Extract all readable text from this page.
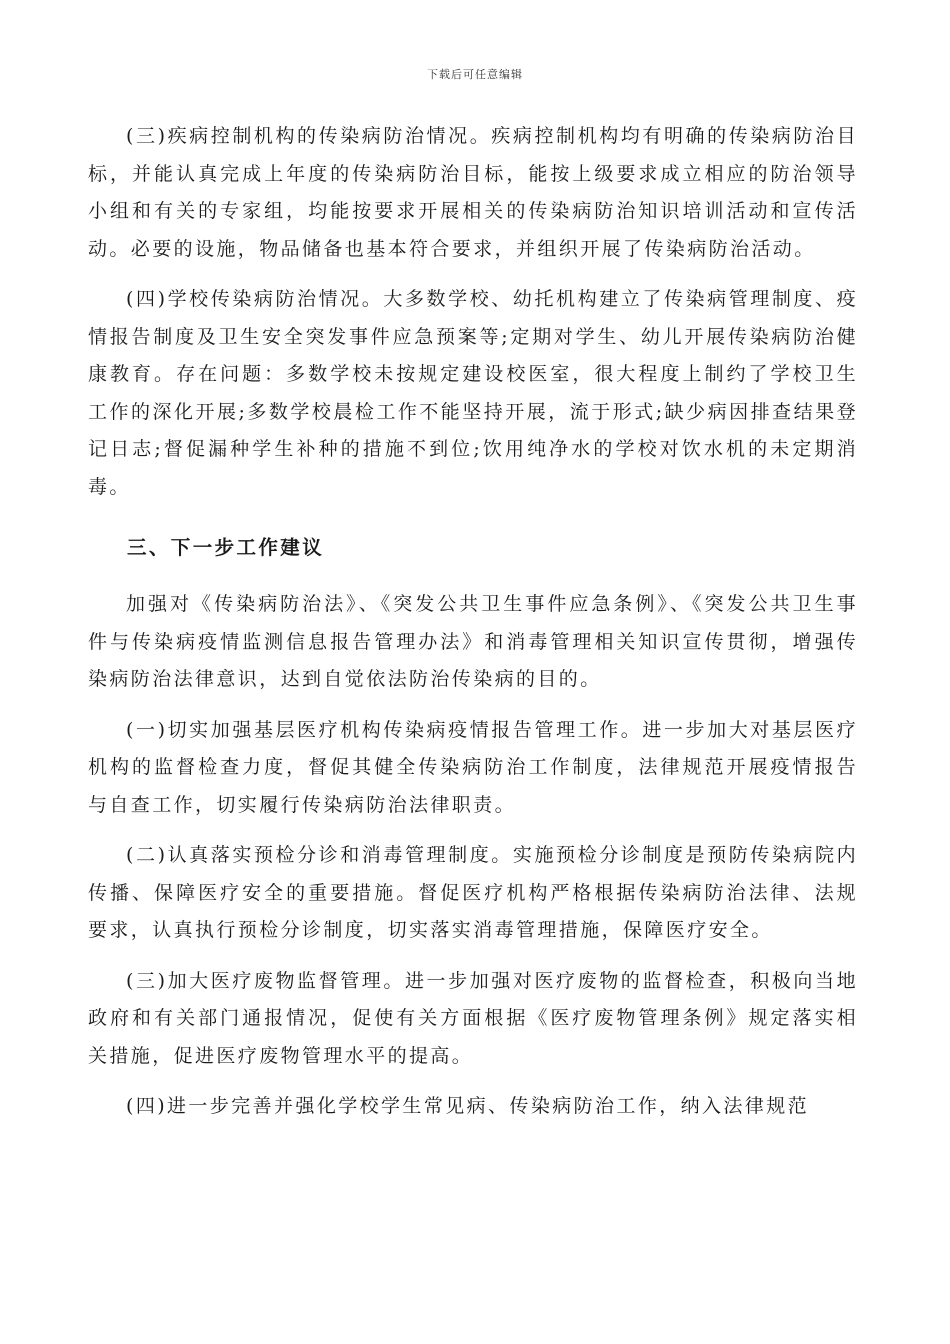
下载后可任意编辑

(三)疾病控制机构的传染病防治情况。疾病控制机构均有明确的传染病防治目标，并能认真完成上年度的传染病防治目标，能按上级要求成立相应的防治领导小组和有关的专家组，均能按要求开展相关的传染病防治知识培训活动和宣传活动。必要的设施，物品储备也基本符合要求，并组织开展了传染病防治活动。

(四)学校传染病防治情况。大多数学校、幼托机构建立了传染病管理制度、疫情报告制度及卫生安全突发事件应急预案等;定期对学生、幼儿开展传染病防治健康教育。存在问题：多数学校未按规定建设校医室，很大程度上制约了学校卫生工作的深化开展;多数学校晨检工作不能坚持开展，流于形式;缺少病因排查结果登记日志;督促漏种学生补种的措施不到位;饮用纯净水的学校对饮水机的未定期消毒。

三、下一步工作建议

加强对《传染病防治法》、《突发公共卫生事件应急条例》、《突发公共卫生事件与传染病疫情监测信息报告管理办法》和消毒管理相关知识宣传贯彻，增强传染病防治法律意识，达到自觉依法防治传染病的目的。

(一)切实加强基层医疗机构传染病疫情报告管理工作。进一步加大对基层医疗机构的监督检查力度，督促其健全传染病防治工作制度，法律规范开展疫情报告与自查工作，切实履行传染病防治法律职责。

(二)认真落实预检分诊和消毒管理制度。实施预检分诊制度是预防传染病院内传播、保障医疗安全的重要措施。督促医疗机构严格根据传染病防治法律、法规要求，认真执行预检分诊制度，切实落实消毒管理措施，保障医疗安全。

(三)加大医疗废物监督管理。进一步加强对医疗废物的监督检查，积极向当地政府和有关部门通报情况，促使有关方面根据《医疗废物管理条例》规定落实相关措施，促进医疗废物管理水平的提高。

(四)进一步完善并强化学校学生常见病、传染病防治工作，纳入法律规范
